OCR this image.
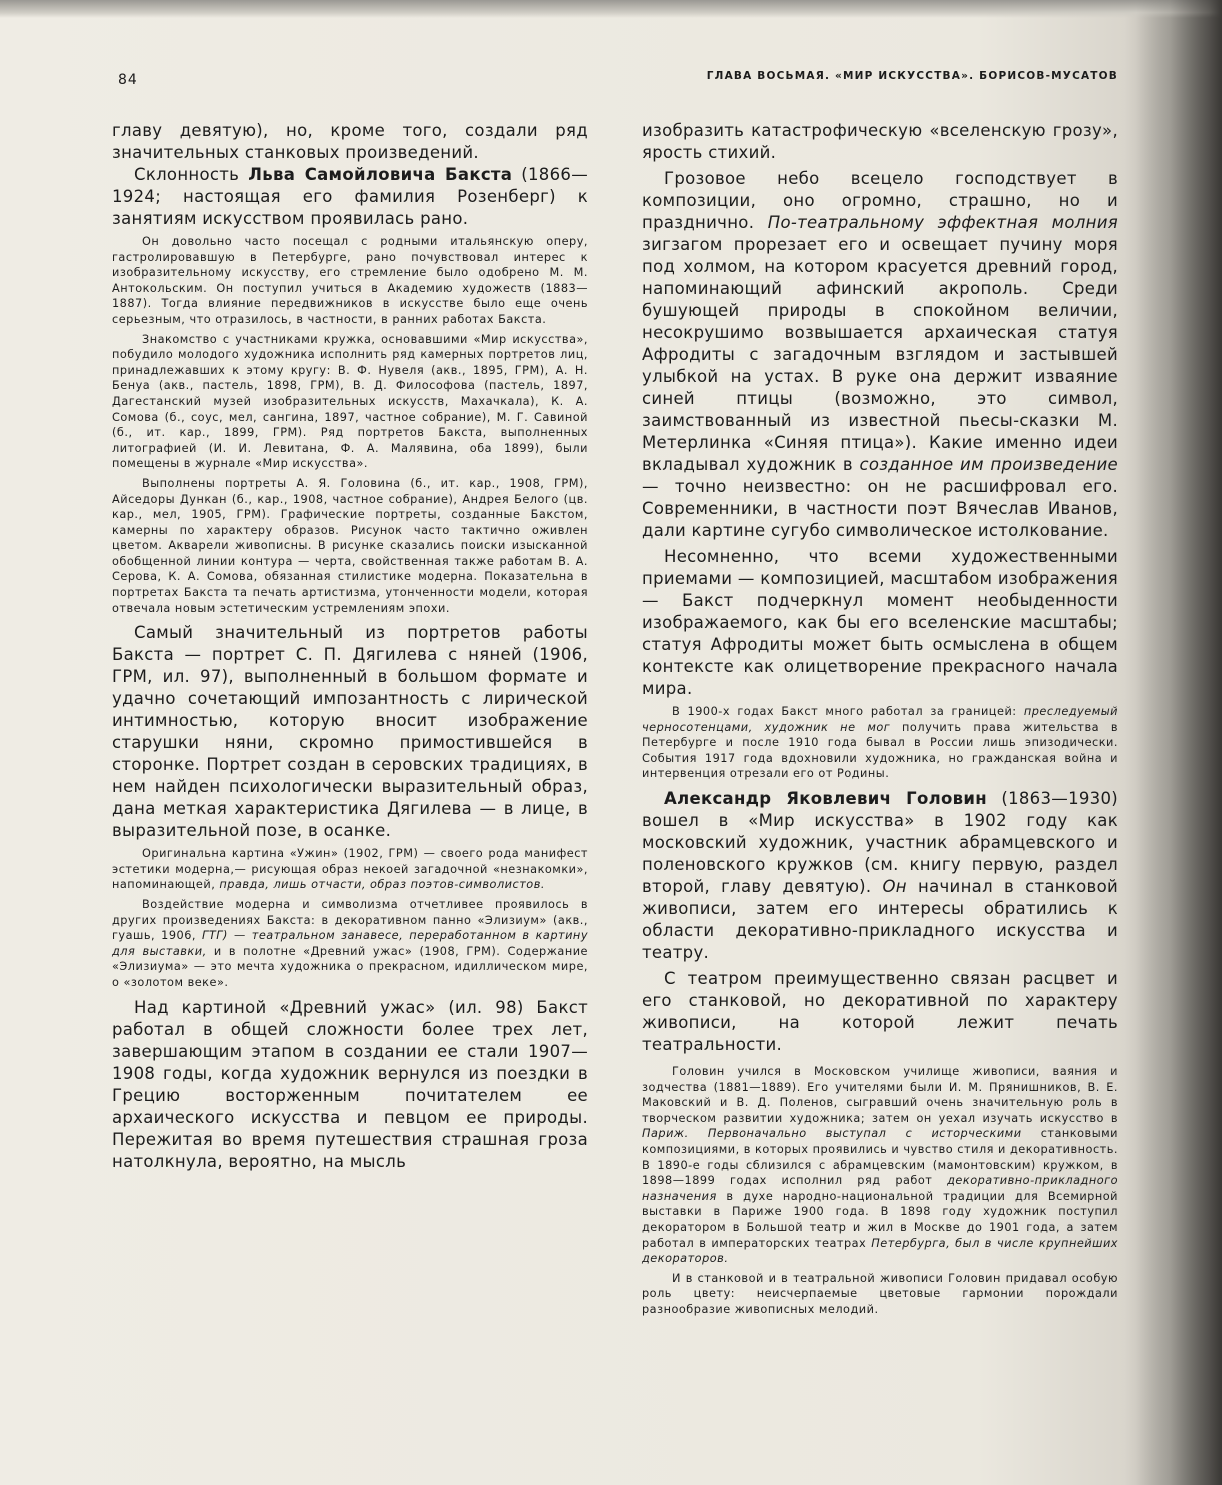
84	ГЛАВА ВОСЬМАЯ. «МИР ИСКУССТВА». БОРИСОВ-МУСАТОВ

главу девятую), но, кроме того, создали ряд значительных станковых произведений.

Склонность Льва Самойловича Бакста (1866—1924; настоящая его фамилия Розенберг) к занятиям искусством проявилась рано.

Он довольно часто посещал с родными итальянскую оперу, гастролировавшую в Петербурге, рано почувствовал интерес к изобразительному искусству, его стремление было одобрено М. М. Антокольским. Он поступил учиться в Академию художеств (1883—1887). Тогда влияние передвижников в искусстве было еще очень серьезным, что отразилось, в частности, в ранних работах Бакста.

Знакомство с участниками кружка, основавшими «Мир искусства», побудило молодого художника исполнить ряд камерных портретов лиц, принадлежавших к этому кругу: В. Ф. Нувеля (акв., 1895, ГРМ), А. Н. Бенуа (акв., пастель, 1898, ГРМ), В. Д. Философова (пастель, 1897, Дагестанский музей изобразительных искусств, Махачкала), К. А. Сомова (б., соус, мел, сангина, 1897, частное собрание), М. Г. Савиной (б., ит. кар., 1899, ГРМ). Ряд портретов Бакста, выполненных литографией (И. И. Левитана, Ф. А. Малявина, оба 1899), были помещены в журнале «Мир искусства».

Выполнены портреты А. Я. Головина (б., ит. кар., 1908, ГРМ), Айседоры Дункан (б., кар., 1908, частное собрание), Андрея Белого (цв. кар., мел, 1905, ГРМ). Графические портреты, созданные Бакстом, камерны по характеру образов. Рисунок часто тактично оживлен цветом. Акварели живописны. В рисунке сказались поиски изысканной обобщенной линии контура — черта, свойственная также работам В. А. Серова, К. А. Сомова, обязанная стилистике модерна. Показательна в портретах Бакста та печать артистизма, утонченности модели, которая отвечала новым эстетическим устремлениям эпохи.

Самый значительный из портретов работы Бакста — портрет С. П. Дягилева с няней (1906, ГРМ, ил. 97), выполненный в большом формате и удачно сочетающий импозантность с лирической интимностью, которую вносит изображение старушки няни, скромно примостившейся в сторонке. Портрет создан в серовских традициях, в нем найден психологически выразительный образ, дана меткая характеристика Дягилева — в лице, в выразительной позе, в осанке.

Оригинальна картина «Ужин» (1902, ГРМ) — своего рода манифест эстетики модерна,— рисующая образ некоей загадочной «незнакомки», напоминающей, правда, лишь отчасти, образ поэтов-символистов.

Воздействие модерна и символизма отчетливее проявилось в других произведениях Бакста: в декоративном панно «Элизиум» (акв., гуашь, 1906, ГТГ) — театральном занавесе, переработанном в картину для выставки, и в полотне «Древний ужас» (1908, ГРМ). Содержание «Элизиума» — это мечта художника о прекрасном, идиллическом мире, о «золотом веке».

Над картиной «Древний ужас» (ил. 98) Бакст работал в общей сложности более трех лет, завершающим этапом в создании ее стали 1907—1908 годы, когда художник вернулся из поездки в Грецию восторженным почитателем ее архаического искусства и певцом ее природы. Пережитая во время путешествия страшная гроза натолкнула, вероятно, на мысль

изобразить катастрофическую «вселенскую грозу», ярость стихий.

Грозовое небо всецело господствует в композиции, оно огромно, страшно, но и празднично. По-театральному эффектная молния зигзагом прорезает его и освещает пучину моря под холмом, на котором красуется древний город, напоминающий афинский акрополь. Среди бушующей природы в спокойном величии, несокрушимо возвышается архаическая статуя Афродиты с загадочным взглядом и застывшей улыбкой на устах. В руке она держит изваяние синей птицы (возможно, это символ, заимствованный из известной пьесы-сказки М. Метерлинка «Синяя птица»). Какие именно идеи вкладывал художник в созданное им произведение — точно неизвестно: он не расшифровал его. Современники, в частности поэт Вячеслав Иванов, дали картине сугубо символическое истолкование.

Несомненно, что всеми художественными приемами — композицией, масштабом изображения — Бакст подчеркнул момент необыденности изображаемого, как бы его вселенские масштабы; статуя Афродиты может быть осмыслена в общем контексте как олицетворение прекрасного начала мира.

В 1900-х годах Бакст много работал за границей: преследуемый черносотенцами, художник не мог получить права жительства в Петербурге и после 1910 года бывал в России лишь эпизодически. События 1917 года вдохновили художника, но гражданская война и интервенция отрезали его от Родины.

Александр Яковлевич Головин (1863—1930) вошел в «Мир искусства» в 1902 году как московский художник, участник абрамцевского и поленовского кружков (см. книгу первую, раздел второй, главу девятую). Он начинал в станковой живописи, затем его интересы обратились к области декоративно-прикладного искусства и театру.

С театром преимущественно связан расцвет и его станковой, но декоративной по характеру живописи, на которой лежит печать театральности.

Головин учился в Московском училище живописи, ваяния и зодчества (1881—1889). Его учителями были И. М. Прянишников, В. Е. Маковский и В. Д. Поленов, сыгравший очень значительную роль в творческом развитии художника; затем он уехал изучать искусство в Париж. Первоначально выступал с исторческими станковыми композициями, в которых проявились и чувство стиля и декоративность. В 1890-е годы сблизился с абрамцевским (мамонтовским) кружком, в 1898—1899 годах исполнил ряд работ декоративно-прикладного назначения в духе народно-национальной традиции для Всемирной выставки в Париже 1900 года. В 1898 году художник поступил декоратором в Большой театр и жил в Москве до 1901 года, а затем работал в императорских театрах Петербурга, был в числе крупнейших декораторов.

И в станковой и в театральной живописи Головин придавал особую роль цвету: неисчерпаемые цветовые гармонии порождали разнообразие живописных мелодий.
